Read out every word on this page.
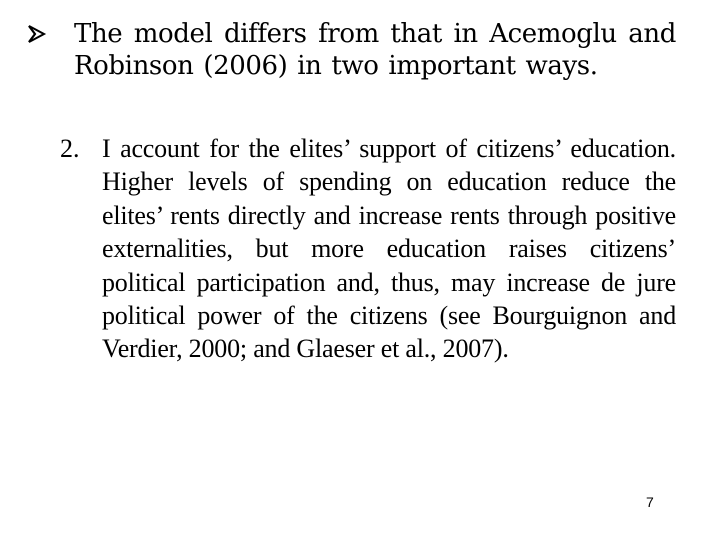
The model differs from that in Acemoglu and Robinson (2006) in two important ways.
2. I account for the elites’ support of citizens’ education. Higher levels of spending on education reduce the elites’ rents directly and increase rents through positive externalities, but more education raises citizens’ political participation and, thus, may increase de jure political power of the citizens (see Bourguignon and Verdier, 2000; and Glaeser et al., 2007).
7
